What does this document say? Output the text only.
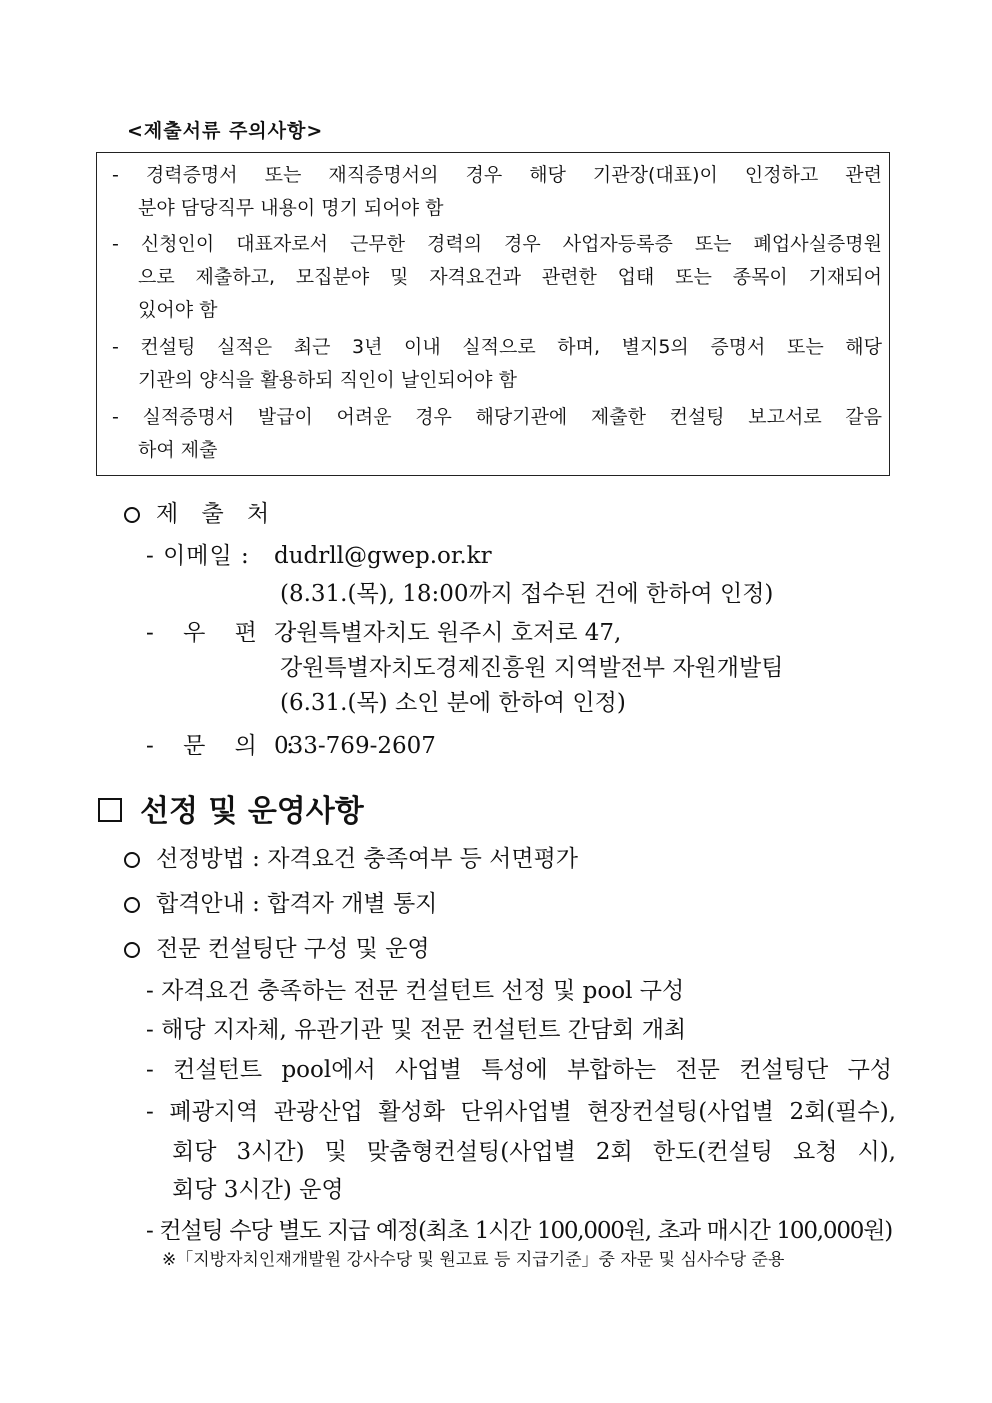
<제출서류 주의사항>
- 경력증명서 또는 재직증명서의 경우 해당 기관장(대표)이 인정하고 관련
분야 담당직무 내용이 명기 되어야 함
- 신청인이 대표자로서 근무한 경력의 경우 사업자등록증 또는 폐업사실증명원
으로 제출하고, 모집분야 및 자격요건과 관련한 업태 또는 종목이 기재되어
있어야 함
- 컨설팅 실적은 최근 3년 이내 실적으로 하며, 별지5의 증명서 또는 해당
기관의 양식을 활용하되 직인이 날인되어야 함
- 실적증명서 발급이 어려운 경우 해당기관에 제출한 컨설팅 보고서로 갈음
하여 제출
제 출 처
- 이메일 : dudrll@gwep.or.kr
(8.31.(목), 18:00까지 접수된 건에 한하여 인정)
- 우 편 :강원특별자치도 원주시 호저로 47,
강원특별자치도경제진흥원 지역발전부 자원개발팀
(6.31.(목) 소인 분에 한하여 인정)
- 문 의 :033-769-2607
선정 및 운영사항
선정방법 : 자격요건 충족여부 등 서면평가
합격안내 : 합격자 개별 통지
전문 컨설팅단 구성 및 운영
- 자격요건 충족하는 전문 컨설턴트 선정 및 pool 구성
- 해당 지자체, 유관기관 및 전문 컨설턴트 간담회 개최
- 컨설턴트 pool에서 사업별 특성에 부합하는 전문 컨설팅단 구성
- 폐광지역 관광산업 활성화 단위사업별 현장컨설팅(사업별 2회(필수),
회당 3시간) 및 맞춤형컨설팅(사업별 2회 한도(컨설팅 요청 시),
회당 3시간) 운영
- 컨설팅 수당 별도 지급 예정(최초 1시간 100,000원, 초과 매시간 100,000원)
※「지방자치인재개발원 강사수당 및 원고료 등 지급기준」중 자문 및 심사수당 준용
